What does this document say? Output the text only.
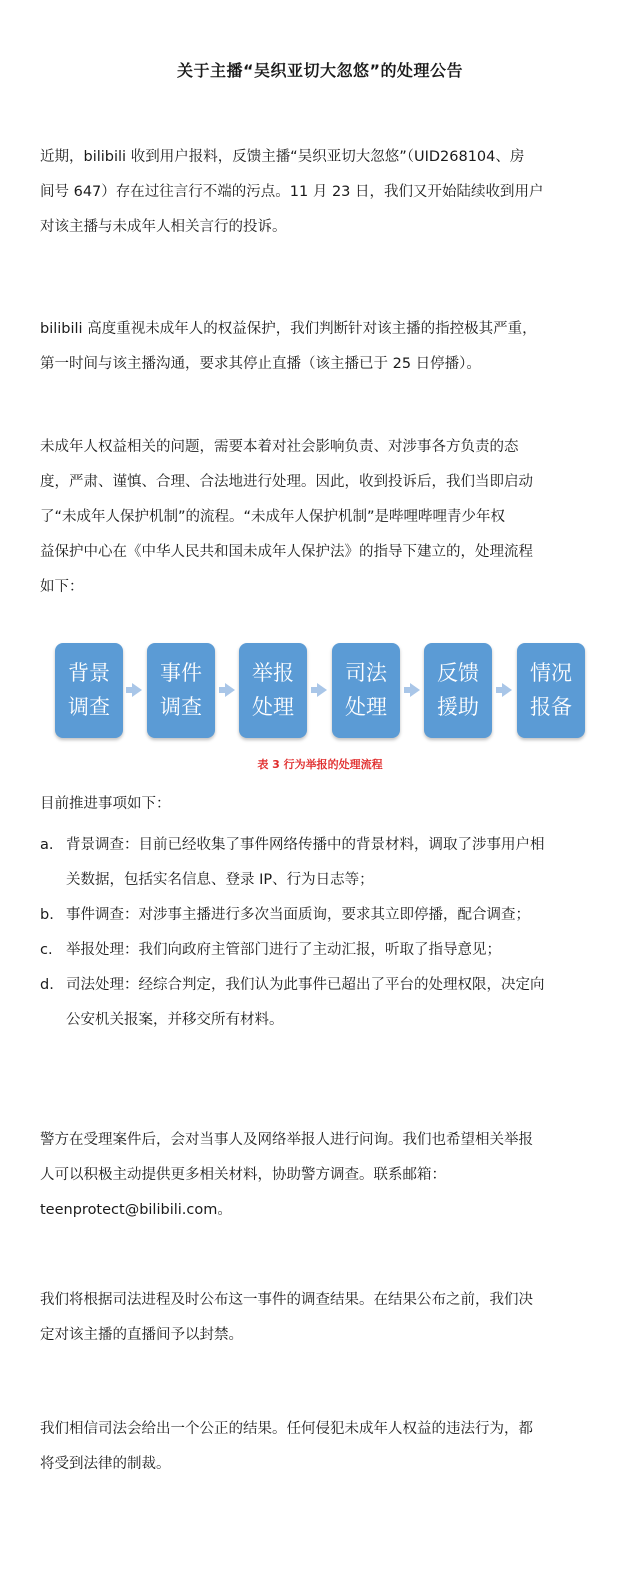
关于主播“吴织亚切大忽悠”的处理公告

近期，bilibili 收到用户报料，反馈主播“吴织亚切大忽悠”（UID268104、房
间号 647）存在过往言行不端的污点。11 月 23 日，我们又开始陆续收到用户
对该主播与未成年人相关言行的投诉。

bilibili 高度重视未成年人的权益保护，我们判断针对该主播的指控极其严重，
第一时间与该主播沟通，要求其停止直播（该主播已于 25 日停播）。

未成年人权益相关的问题，需要本着对社会影响负责、对涉事各方负责的态
度，严肃、谨慎、合理、合法地进行处理。因此，收到投诉后，我们当即启动
了“未成年人保护机制”的流程。“未成年人保护机制”是哔哩哔哩青少年权
益保护中心在《中华人民共和国未成年人保护法》的指导下建立的，处理流程
如下：

背景
调查
事件
调查
举报
处理
司法
处理
反馈
援助
情况
报备
表 3 行为举报的处理流程
目前推进事项如下：
a. 背景调查：目前已经收集了事件网络传播中的背景材料，调取了涉事用户相
关数据，包括实名信息、登录 IP、行为日志等；
b. 事件调查：对涉事主播进行多次当面质询，要求其立即停播，配合调查；
c. 举报处理：我们向政府主管部门进行了主动汇报，听取了指导意见；
d. 司法处理：经综合判定，我们认为此事件已超出了平台的处理权限，决定向
公安机关报案，并移交所有材料。

警方在受理案件后，会对当事人及网络举报人进行问询。我们也希望相关举报
人可以积极主动提供更多相关材料，协助警方调查。联系邮箱：
teenprotect@bilibili.com。

我们将根据司法进程及时公布这一事件的调查结果。在结果公布之前，我们决
定对该主播的直播间予以封禁。

我们相信司法会给出一个公正的结果。任何侵犯未成年人权益的违法行为，都
将受到法律的制裁。
